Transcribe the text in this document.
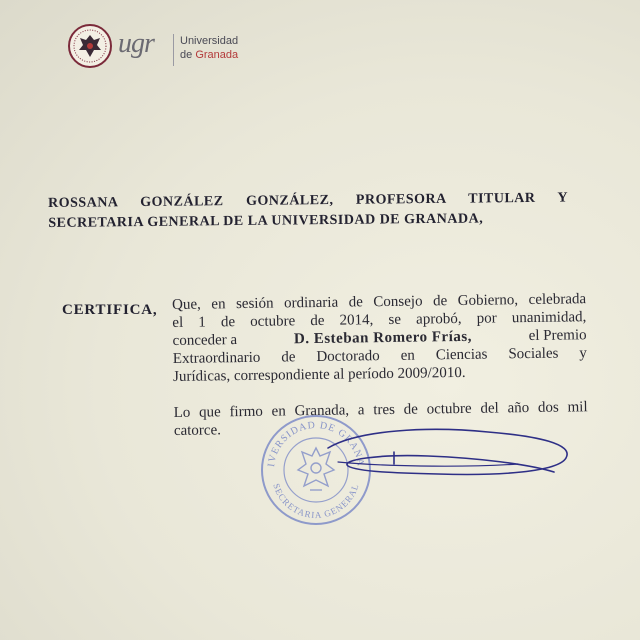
ugr Universidad
de Granada
ROSSANA GONZÁLEZ GONZÁLEZ, PROFESORA TITULAR Y
SECRETARIA GENERAL DE LA UNIVERSIDAD DE GRANADA,
CERTIFICA, Que, en sesión ordinaria de Consejo de Gobierno, celebrada
el 1 de octubre de 2014, se aprobó, por unanimidad,
conceder a	D. Esteban Romero Frías,	el Premio
Extraordinario de Doctorado en Ciencias Sociales y
Jurídicas, correspondiente al período 2009/2010.
Lo que firmo en Granada, a tres de octubre del año dos mil
catorce.
IVERSIDAD DE GRANA
SECRETARIA GENERAL
